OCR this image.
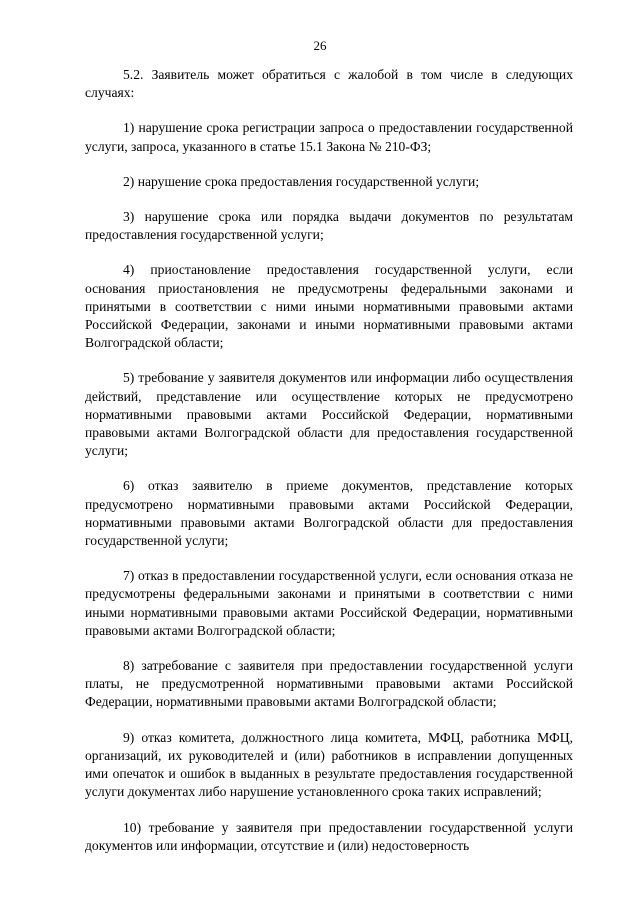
26

5.2. Заявитель может обратиться с жалобой в том числе в следующих случаях:

1) нарушение срока регистрации запроса о предоставлении государственной услуги, запроса, указанного в статье 15.1 Закона № 210-ФЗ;

2) нарушение срока предоставления государственной услуги;

3) нарушение срока или порядка выдачи документов по результатам предоставления государственной услуги;

4) приостановление предоставления государственной услуги, если основания приостановления не предусмотрены федеральными законами и принятыми в соответствии с ними иными нормативными правовыми актами Российской Федерации, законами и иными нормативными правовыми актами Волгоградской области;

5) требование у заявителя документов или информации либо осуществления действий, представление или осуществление которых не предусмотрено нормативными правовыми актами Российской Федерации, нормативными правовыми актами Волгоградской области для предоставления государственной услуги;

6) отказ заявителю в приеме документов, представление которых предусмотрено нормативными правовыми актами Российской Федерации, нормативными правовыми актами Волгоградской области для предоставления государственной услуги;

7) отказ в предоставлении государственной услуги, если основания отказа не предусмотрены федеральными законами и принятыми в соответствии с ними иными нормативными правовыми актами Российской Федерации, нормативными правовыми актами Волгоградской области;

8) затребование с заявителя при предоставлении государственной услуги платы, не предусмотренной нормативными правовыми актами Российской Федерации, нормативными правовыми актами Волгоградской области;

9) отказ комитета, должностного лица комитета, МФЦ, работника МФЦ, организаций, их руководителей и (или) работников в исправлении допущенных ими опечаток и ошибок в выданных в результате предоставления государственной услуги документах либо нарушение установленного срока таких исправлений;

10) требование у заявителя при предоставлении государственной услуги документов или информации, отсутствие и (или) недостоверность
